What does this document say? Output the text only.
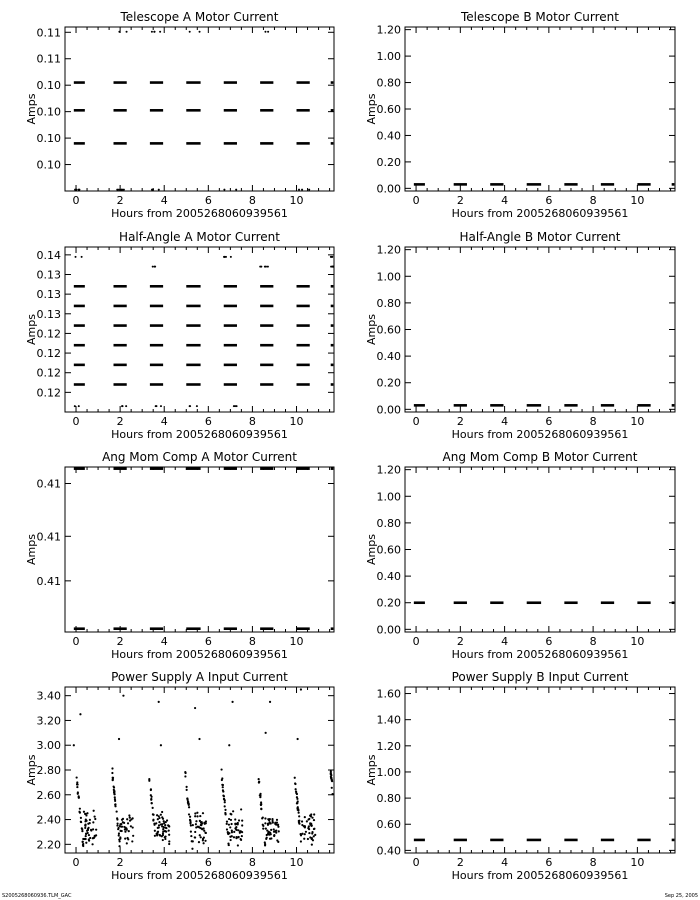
Telescope A Motor Current
0	2	4	6	8	10
0.10
0.10
0.10
0.10
0.11
0.11
Hours from 2005268060939561
Amps
Telescope B Motor Current
0	2	4	6	8	10
0.00
0.20
0.40
0.60
0.80
1.00
1.20
Hours from 2005268060939561
Amps
Half-Angle A Motor Current
0	2	4	6	8	10
0.12
0.12
0.12
0.12
0.13
0.13
0.13
0.14
Hours from 2005268060939561
Amps
Half-Angle B Motor Current
0	2	4	6	8	10
0.00
0.20
0.40
0.60
0.80
1.00
1.20
Hours from 2005268060939561
Amps
Ang Mom Comp A Motor Current
0	2	4	6	8	10
0.41
0.41
0.41
Hours from 2005268060939561
Amps
Ang Mom Comp B Motor Current
0	2	4	6	8	10
0.00
0.20
0.40
0.60
0.80
1.00
1.20
Hours from 2005268060939561
Amps
Power Supply A Input Current
0	2	4	6	8	10
2.20
2.40
2.60
2.80
3.00
3.20
3.40
Hours from 2005268060939561
Amps
Power Supply B Input Current
0	2	4	6	8	10
0.40
0.60
0.80
1.00
1.20
1.40
1.60
Hours from 2005268060939561
Amps
S2005268060936.TLM_GAC	Sep 25, 2005
